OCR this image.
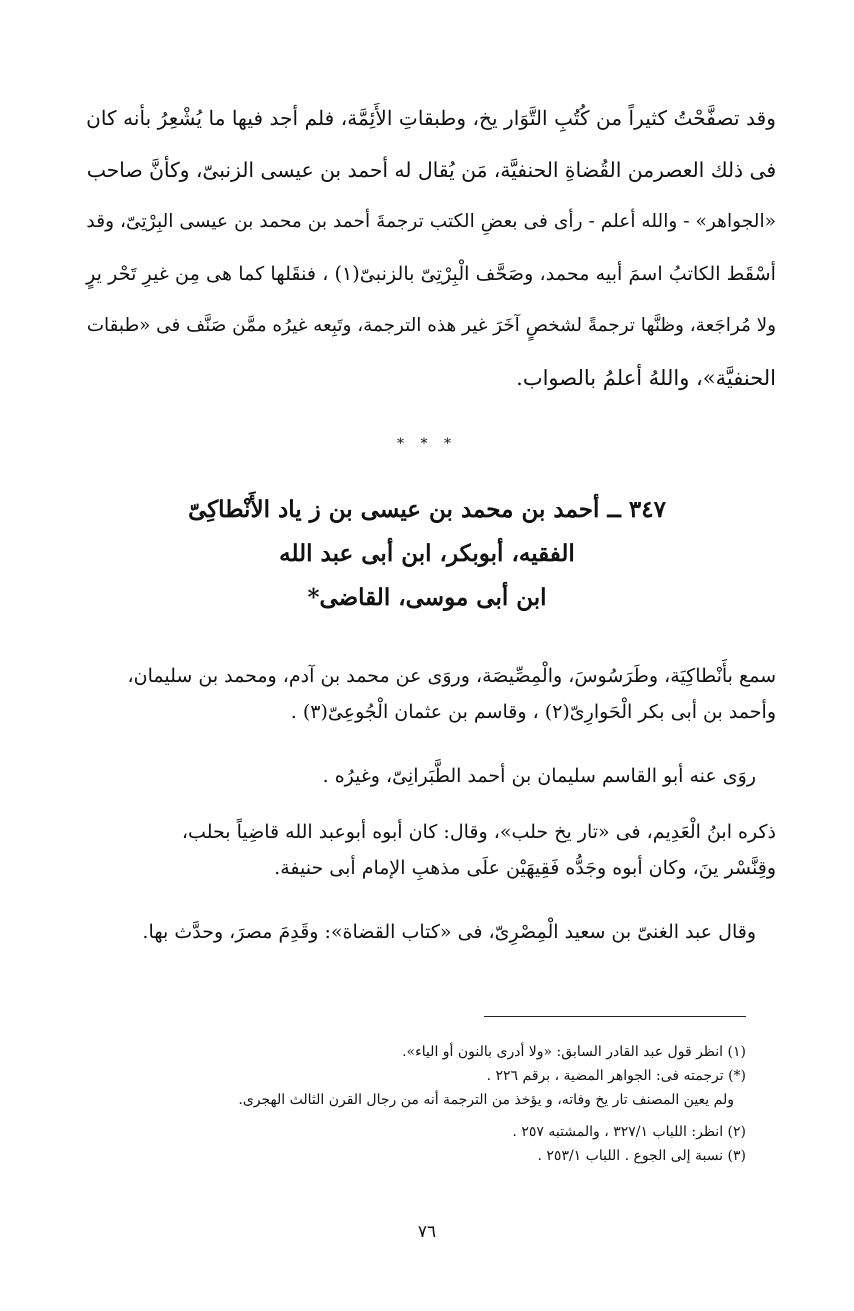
وقد تصفَّحْتُ كثيراً من كُتُبِ التَّوَار يخ، وطبقاتِ الأَئِمَّة، فلم أجد فيها ما يُشْعِرُ بأنه كان
فى ذلك العصرمن القُضاةِ الحنفيَّة، مَن يُقال له أحمد بن عيسى الزنبىّ، وكأنَّ صاحب
«الجواهر» - والله أعلم - رأى فى بعضِ الكتب ترجمةَ أحمد بن محمد بن عيسى البِرْتِىّ، وقد
أسْقَط الكاتبُ اسمَ أبيه محمد، وصَحَّف الْبِرْتِىّ بالزنبىّ(١) ، فنقَلها كما هى مِن غيرِ تَحْر يرٍ
ولا مُراجَعة، وظنَّها ترجمةً لشخصٍ آخَرَ غير هذه الترجمة، وتَبِعه غيرُه ممَّن صَنَّف فى «طبقات
الحنفيَّة»، واللهُ أعلمُ بالصواب.
* * *
٣٤٧ ــ أحمد بن محمد بن عيسى بن ز ياد الأَنْطاكِىّ
الفقيه، أبوبكر، ابن أبى عبد الله
ابن أبى موسى، القاضى*
سمع بأَنْطاكِيَة، وطَرَسُوسَ، والْمِصِّيصَة، وروَى عن محمد بن آدم، ومحمد بن سليمان،
وأحمد بن أبى بكر الْحَوارِىّ(٢) ، وقاسم بن عثمان الْجُوعِىّ(٣) .
روَى عنه أبو القاسم سليمان بن أحمد الطَّبَرانِىّ، وغيرُه .
ذكره ابنُ الْعَدِيم، فى «تار يخ حلب»، وقال: كان أبوه أبوعبد الله قاضِياً بحلب،
وقِنَّسْر ينَ، وكان أبوه وجَدُّه فَقِيهَيْن علَى مذهبِ الإمام أبى حنيفة.
وقال عبد الغنىّ بن سعيد الْمِصْرِىّ، فى «كتاب القضاة»: وقَدِمَ مصرَ، وحدَّث بها.
(١) انظر قول عبد القادر السابق: «ولا أدرى بالنون أو الياء».
(*) ترجمته فى: الجواهر المضية ، برقم ٢٢٦ .
ولم يعين المصنف تار يخ وفاته، و يؤخذ من الترجمة أنه من رجال القرن الثالث الهجرى.
(٢) انظر: اللباب ٣٢٧/١ ، والمشتبه ٢٥٧ .
(٣) نسبة إلى الجوع . اللباب ٢٥٣/١ .
٧٦
